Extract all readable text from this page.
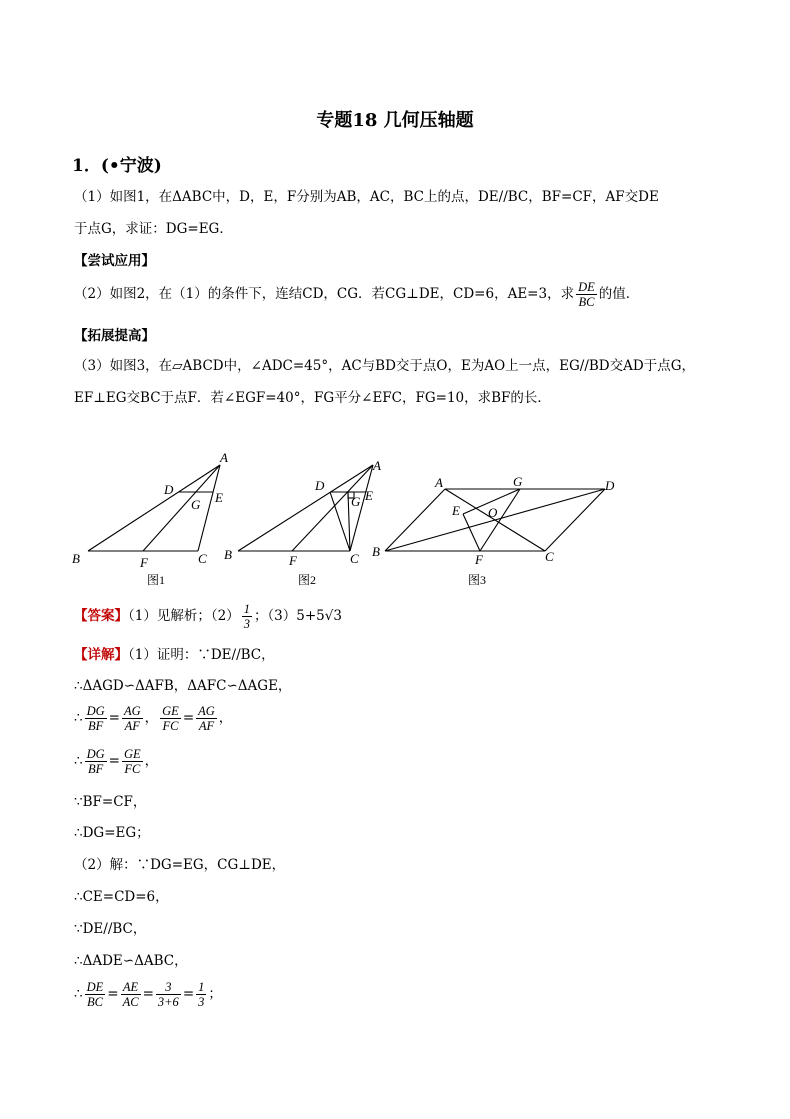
专题18 几何压轴题
1．(•宁波)
（1）如图1，在ΔABC中，D，E，F分别为AB，AC，BC上的点，DE//BC，BF=CF，AF交DE
于点G，求证：DG=EG．
【尝试应用】
（2）如图2，在（1）的条件下，连结CD，CG．若CG⊥DE，CD=6，AE=3，求 $\frac{DE}{BC}$ 的值．
【拓展提高】
（3）如图3，在▱ABCD中，∠ADC=45°，AC与BD交于点O，E为AO上一点，EG//BD交AD于点G，
EF⊥EG交BC于点F．若∠EGF=40°，FG平分∠EFC，FG=10，求BF的长．
A
B	C
D
E
F
G
A
B	C
D
E
F
G
A
B	C
D
E
F
G
O
图1	图2	图3
【答案】（1）见解析；$(2) \frac{1}{3}$ ；（3）5+5√3
【详解】（1）证明：∵DE//BC，
∴ΔAGD∽ΔAFB，ΔAFC∽ΔAGE，
∴ $\frac{DG}{BF} = \frac{AG}{AF}$ ， $\frac{GE}{FC} = \frac{AG}{AF}$ ，
∴ $\frac{DG}{BF} = \frac{GE}{FC}$ ，
∵BF=CF，
∴DG=EG；
（2）解：∵DG=EG，CG⊥DE，
∴CE=CD=6，
∵DE//BC，
∴ΔADE∽ΔABC，
∴ $\frac{DE}{BC} = \frac{AE}{AC} = \frac{3}{3+6} = \frac{1}{3}$ ；
